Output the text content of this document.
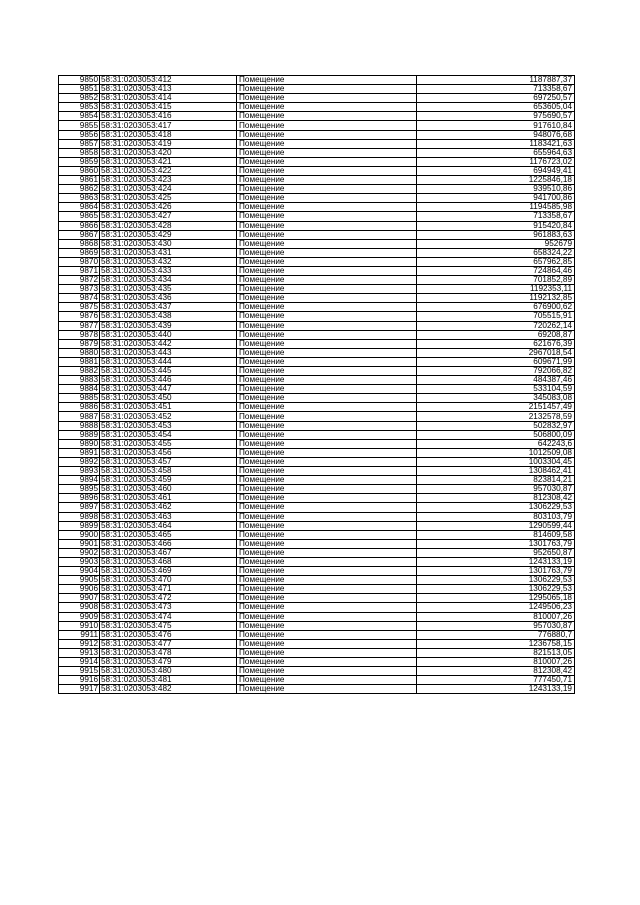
9850	58:31:0203053:412	Помещение	1187887,37
9851	58:31:0203053:413	Помещение	713358,67
9852	58:31:0203053:414	Помещение	697250,57
9853	58:31:0203053:415	Помещение	653605,04
9854	58:31:0203053:416	Помещение	975690,57
9855	58:31:0203053:417	Помещение	917610,84
9856	58:31:0203053:418	Помещение	948076,68
9857	58:31:0203053:419	Помещение	1183421,63
9858	58:31:0203053:420	Помещение	655964,63
9859	58:31:0203053:421	Помещение	1176723,02
9860	58:31:0203053:422	Помещение	694949,41
9861	58:31:0203053:423	Помещение	1225846,18
9862	58:31:0203053:424	Помещение	939510,86
9863	58:31:0203053:425	Помещение	941700,86
9864	58:31:0203053:426	Помещение	1194585,98
9865	58:31:0203053:427	Помещение	713358,67
9866	58:31:0203053:428	Помещение	915420,84
9867	58:31:0203053:429	Помещение	961883,63
9868	58:31:0203053:430	Помещение	952679
9869	58:31:0203053:431	Помещение	658324,22
9870	58:31:0203053:432	Помещение	657962,85
9871	58:31:0203053:433	Помещение	724864,46
9872	58:31:0203053:434	Помещение	701852,89
9873	58:31:0203053:435	Помещение	1192353,11
9874	58:31:0203053:436	Помещение	1192132,85
9875	58:31:0203053:437	Помещение	676900,62
9876	58:31:0203053:438	Помещение	705515,91
9877	58:31:0203053:439	Помещение	720262,14
9878	58:31:0203053:440	Помещение	69208,87
9879	58:31:0203053:442	Помещение	621676,39
9880	58:31:0203053:443	Помещение	2967018,54
9881	58:31:0203053:444	Помещение	609671,99
9882	58:31:0203053:445	Помещение	792066,82
9883	58:31:0203053:446	Помещение	484387,46
9884	58:31:0203053:447	Помещение	533104,59
9885	58:31:0203053:450	Помещение	345083,08
9886	58:31:0203053:451	Помещение	2151457,49
9887	58:31:0203053:452	Помещение	2132578,59
9888	58:31:0203053:453	Помещение	502832,97
9889	58:31:0203053:454	Помещение	506800,09
9890	58:31:0203053:455	Помещение	642243,6
9891	58:31:0203053:456	Помещение	1012509,08
9892	58:31:0203053:457	Помещение	1003304,45
9893	58:31:0203053:458	Помещение	1308462,41
9894	58:31:0203053:459	Помещение	823814,21
9895	58:31:0203053:460	Помещение	957030,87
9896	58:31:0203053:461	Помещение	812308,42
9897	58:31:0203053:462	Помещение	1306229,53
9898	58:31:0203053:463	Помещение	803103,79
9899	58:31:0203053:464	Помещение	1290599,44
9900	58:31:0203053:465	Помещение	814609,58
9901	58:31:0203053:466	Помещение	1301763,79
9902	58:31:0203053:467	Помещение	952650,87
9903	58:31:0203053:468	Помещение	1243133,19
9904	58:31:0203053:469	Помещение	1301763,79
9905	58:31:0203053:470	Помещение	1306229,53
9906	58:31:0203053:471	Помещение	1306229,53
9907	58:31:0203053:472	Помещение	1295065,18
9908	58:31:0203053:473	Помещение	1249506,23
9909	58:31:0203053:474	Помещение	810007,26
9910	58:31:0203053:475	Помещение	957030,87
9911	58:31:0203053:476	Помещение	776880,7
9912	58:31:0203053:477	Помещение	1236758,15
9913	58:31:0203053:478	Помещение	821513,05
9914	58:31:0203053:479	Помещение	810007,26
9915	58:31:0203053:480	Помещение	812308,42
9916	58:31:0203053:481	Помещение	777450,71
9917	58:31:0203053:482	Помещение	1243133,19
